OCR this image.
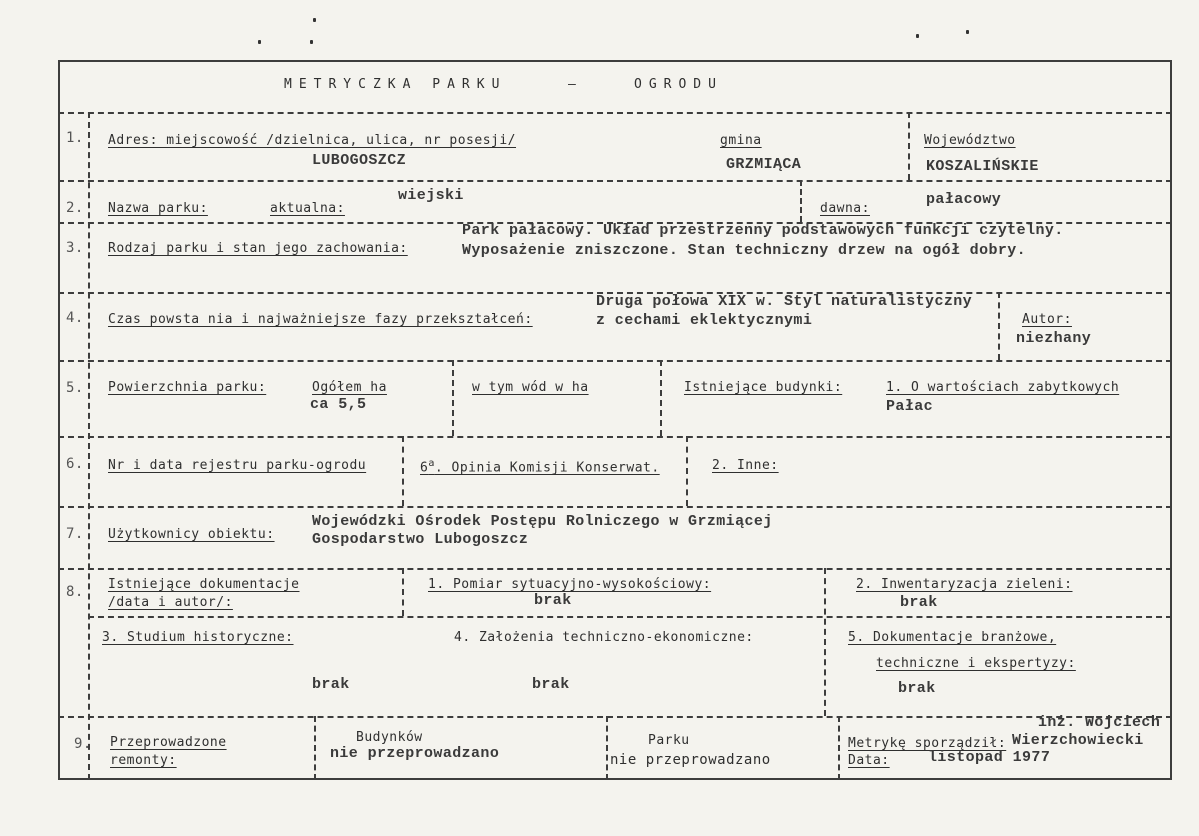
METRYCZKA PARKU	–	OGRODU
1. Adres: miejscowość /dzielnica, ulica, nr posesji/
LUBOGOSZCZ
gmina
GRZMIĄCA
Województwo
KOSZALIŃSKIE
2. Nazwa parku:	aktualna:
wiejski
dawna:
pałacowy
3. Rodzaj parku i stan jego zachowania:
Park pałacowy. Układ przestrzenny podstawowych funkcji czytelny.
Wyposażenie zniszczone. Stan techniczny drzew na ogół dobry.
4. Czas powsta nia i najważniejsze fazy przekształceń:
Druga połowa XIX w. Styl naturalistyczny
z cechami eklektycznymi	Autor:
niezhany
5. Powierzchnia parku:	Ogółem ha
ca 5,5
w tym wód w ha	Istniejące budynki:	1. O wartościach zabytkowych
Pałac
6. Nr i data rejestru parku-ogrodu	6$^a$. Opinia Komisji Konserwat.	2. Inne:
7. Użytkownicy obiektu:
Wojewódzki Ośrodek Postępu Rolniczego w Grzmiącej
Gospodarstwo Lubogoszcz
8. Istniejące dokumentacje
/data i autor/:
1. Pomiar sytuacyjno-wysokościowy:
brak
2. Inwentaryzacja zieleni:
brak
3. Studium historyczne:
brak
4. Założenia techniczno-ekonomiczne:
brak
5. Dokumentacje branżowe,
techniczne i ekspertyzy:
brak
9. Przeprowadzone
remonty:
Budynków
nie przeprowadzano
Parku
nie przeprowadzano
Metrykę sporządził:
inż. Wojciech
Wierzchowiecki
Data:	listopad 1977
